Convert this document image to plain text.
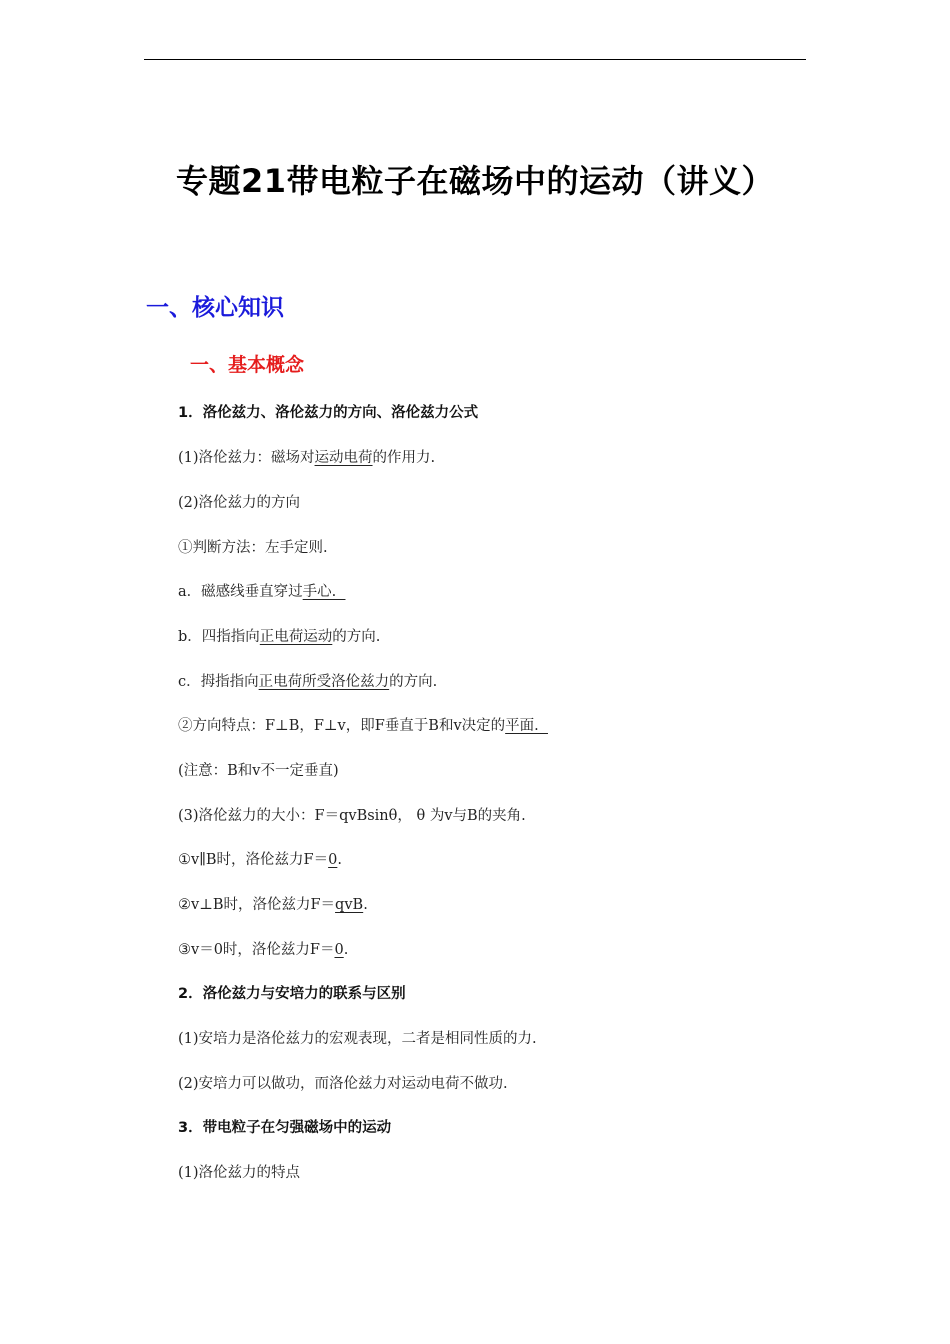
专题21带电粒子在磁场中的运动（讲义）
一、核心知识
一、基本概念
1．洛伦兹力、洛伦兹力的方向、洛伦兹力公式
(1)洛伦兹力：磁场对运动电荷的作用力.
(2)洛伦兹力的方向
①判断方法：左手定则.
a．磁感线垂直穿过手心.
b．四指指向正电荷运动的方向.
c．拇指指向正电荷所受洛伦兹力的方向.
②方向特点：F⊥B，F⊥v，即F垂直于B和v决定的平面.
(注意：B和v不一定垂直)
(3)洛伦兹力的大小：F＝qvBsinθ， θ 为v与B的夹角.
①v∥B时，洛伦兹力F＝0.
②v⊥B时，洛伦兹力F＝qvB.
③v＝0时，洛伦兹力F＝0.
2．洛伦兹力与安培力的联系与区别
(1)安培力是洛伦兹力的宏观表现，二者是相同性质的力.
(2)安培力可以做功，而洛伦兹力对运动电荷不做功.
3．带电粒子在匀强磁场中的运动
(1)洛伦兹力的特点
